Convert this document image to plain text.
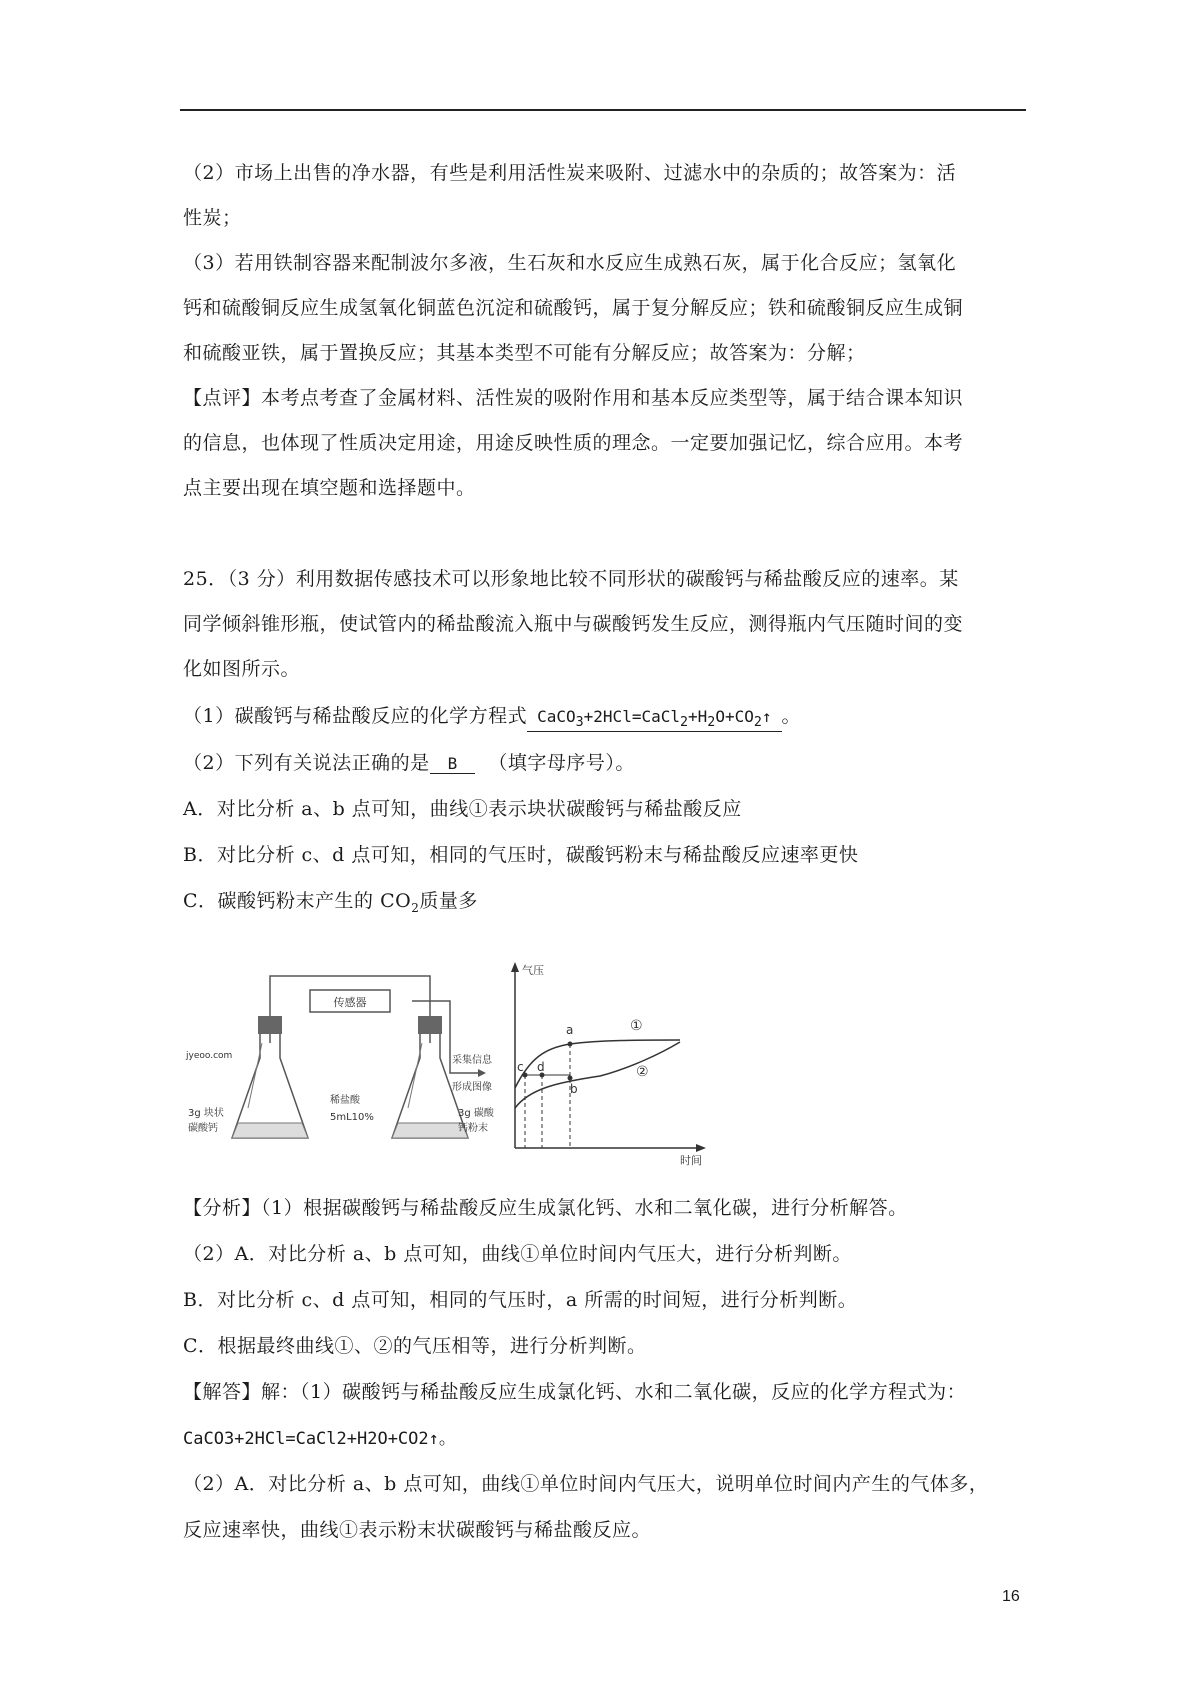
（2）市场上出售的净水器，有些是利用活性炭来吸附、过滤水中的杂质的；故答案为：活
性炭；
（3）若用铁制容器来配制波尔多液，生石灰和水反应生成熟石灰，属于化合反应；氢氧化
钙和硫酸铜反应生成氢氧化铜蓝色沉淀和硫酸钙，属于复分解反应；铁和硫酸铜反应生成铜
和硫酸亚铁，属于置换反应；其基本类型不可能有分解反应；故答案为：分解；
【点评】本考点考查了金属材料、活性炭的吸附作用和基本反应类型等，属于结合课本知识
的信息，也体现了性质决定用途，用途反映性质的理念。一定要加强记忆，综合应用。本考
点主要出现在填空题和选择题中。
25．（3 分）利用数据传感技术可以形象地比较不同形状的碳酸钙与稀盐酸反应的速率。某
同学倾斜锥形瓶，使试管内的稀盐酸流入瓶中与碳酸钙发生反应，测得瓶内气压随时间的变
化如图所示。
（1）碳酸钙与稀盐酸反应的化学方程式 $CaCO_3+2HCl=CaCl_2+H_2O+CO_2↑$ 。
（2）下列有关说法正确的是 B （填字母序号）。
A．对比分析 a、b 点可知，曲线①表示块状碳酸钙与稀盐酸反应
B．对比分析 c、d 点可知，相同的气压时，碳酸钙粉末与稀盐酸反应速率更快
C．碳酸钙粉末产生的 $CO_2$质量多
传感器
采集信息
形成图像
3g 块状
碳酸钙
jyeoo.com
稀盐酸
5mL10%	3g 碳酸
钙粉末
气压
时间
①
②
a
b
c d
【分析】（1）根据碳酸钙与稀盐酸反应生成氯化钙、水和二氧化碳，进行分析解答。
（2）A．对比分析 a、b 点可知，曲线①单位时间内气压大，进行分析判断。
B．对比分析 c、d 点可知，相同的气压时，a 所需的时间短，进行分析判断。
C．根据最终曲线①、②的气压相等，进行分析判断。
【解答】解：（1）碳酸钙与稀盐酸反应生成氯化钙、水和二氧化碳，反应的化学方程式为：
CaCO3+2HCl=CaCl2+H2O+CO2↑。
（2）A．对比分析 a、b 点可知，曲线①单位时间内气压大，说明单位时间内产生的气体多，
反应速率快，曲线①表示粉末状碳酸钙与稀盐酸反应。
16
